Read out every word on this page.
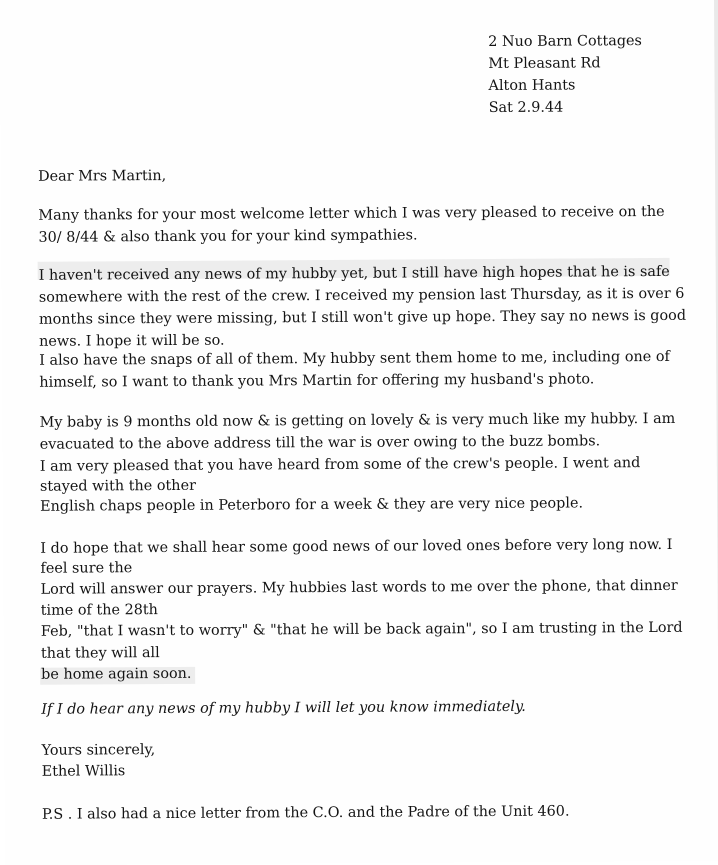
2 Nuo Barn Cottages
Mt Pleasant Rd
Alton Hants
Sat 2.9.44
Dear Mrs Martin,
Many thanks for your most welcome letter which I was very pleased to receive on the
30/ 8/44 & also thank you for your kind sympathies.
I haven't received any news of my hubby yet, but I still have high hopes that he is safe
somewhere with the rest of the crew. I received my pension last Thursday, as it is over 6
months since they were missing, but I still won't give up hope. They say no news is good
news. I hope it will be so.
I also have the snaps of all of them. My hubby sent them home to me, including one of
himself, so I want to thank you Mrs Martin for offering my husband's photo.
My baby is 9 months old now & is getting on lovely & is very much like my hubby. I am
evacuated to the above address till the war is over owing to the buzz bombs.
I am very pleased that you have heard from some of the crew's people. I went and
stayed with the other
English chaps people in Peterboro for a week & they are very nice people.
I do hope that we shall hear some good news of our loved ones before very long now. I
feel sure the
Lord will answer our prayers. My hubbies last words to me over the phone, that dinner
time of the 28th
Feb, "that I wasn't to worry" & "that he will be back again", so I am trusting in the Lord
that they will all
be home again soon.
If I do hear any news of my hubby I will let you know immediately.
Yours sincerely,
Ethel Willis
P.S . I also had a nice letter from the C.O. and the Padre of the Unit 460.
